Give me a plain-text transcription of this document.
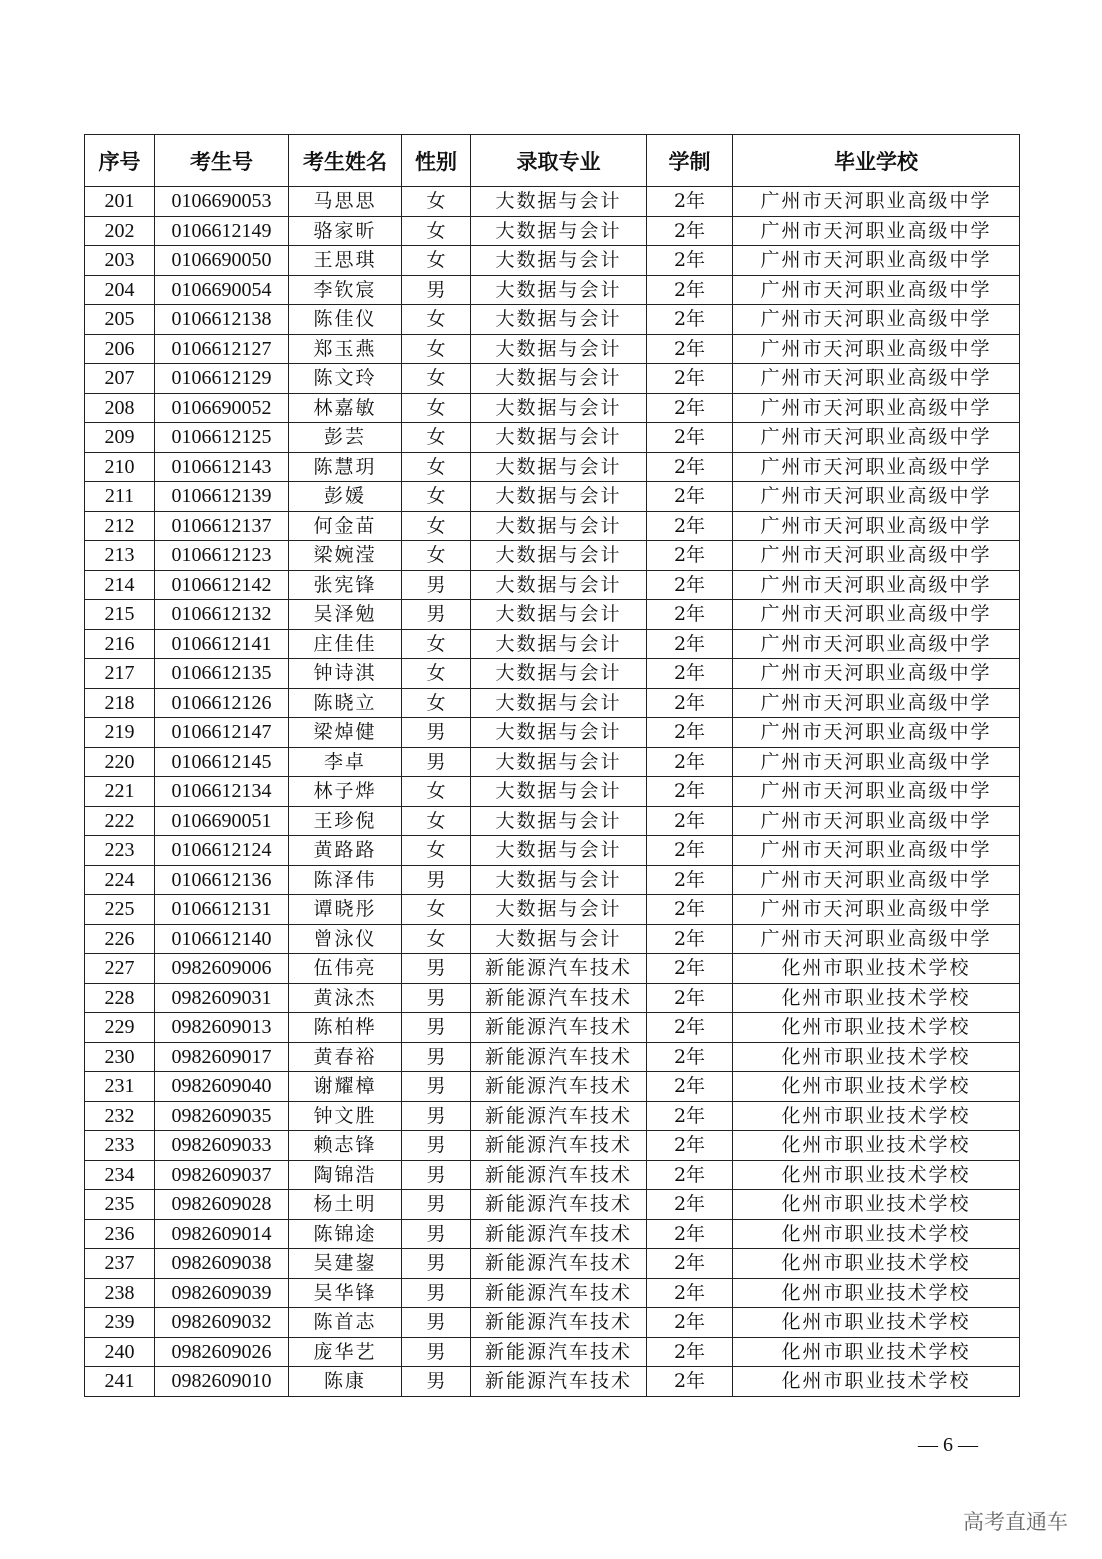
序号	考生号	考生姓名	性别	录取专业	学制	毕业学校
201	0106690053	马思思	女	大数据与会计	2年	广州市天河职业高级中学
202	0106612149	骆家昕	女	大数据与会计	2年	广州市天河职业高级中学
203	0106690050	王思琪	女	大数据与会计	2年	广州市天河职业高级中学
204	0106690054	李钦宸	男	大数据与会计	2年	广州市天河职业高级中学
205	0106612138	陈佳仪	女	大数据与会计	2年	广州市天河职业高级中学
206	0106612127	郑玉燕	女	大数据与会计	2年	广州市天河职业高级中学
207	0106612129	陈文玲	女	大数据与会计	2年	广州市天河职业高级中学
208	0106690052	林嘉敏	女	大数据与会计	2年	广州市天河职业高级中学
209	0106612125	彭芸	女	大数据与会计	2年	广州市天河职业高级中学
210	0106612143	陈慧玥	女	大数据与会计	2年	广州市天河职业高级中学
211	0106612139	彭媛	女	大数据与会计	2年	广州市天河职业高级中学
212	0106612137	何金苗	女	大数据与会计	2年	广州市天河职业高级中学
213	0106612123	梁婉滢	女	大数据与会计	2年	广州市天河职业高级中学
214	0106612142	张宪锋	男	大数据与会计	2年	广州市天河职业高级中学
215	0106612132	吴泽勉	男	大数据与会计	2年	广州市天河职业高级中学
216	0106612141	庄佳佳	女	大数据与会计	2年	广州市天河职业高级中学
217	0106612135	钟诗淇	女	大数据与会计	2年	广州市天河职业高级中学
218	0106612126	陈晓立	女	大数据与会计	2年	广州市天河职业高级中学
219	0106612147	梁焯健	男	大数据与会计	2年	广州市天河职业高级中学
220	0106612145	李卓	男	大数据与会计	2年	广州市天河职业高级中学
221	0106612134	林子烨	女	大数据与会计	2年	广州市天河职业高级中学
222	0106690051	王珍倪	女	大数据与会计	2年	广州市天河职业高级中学
223	0106612124	黄路路	女	大数据与会计	2年	广州市天河职业高级中学
224	0106612136	陈泽伟	男	大数据与会计	2年	广州市天河职业高级中学
225	0106612131	谭晓彤	女	大数据与会计	2年	广州市天河职业高级中学
226	0106612140	曾泳仪	女	大数据与会计	2年	广州市天河职业高级中学
227	0982609006	伍伟亮	男	新能源汽车技术	2年	化州市职业技术学校
228	0982609031	黄泳杰	男	新能源汽车技术	2年	化州市职业技术学校
229	0982609013	陈柏桦	男	新能源汽车技术	2年	化州市职业技术学校
230	0982609017	黄春裕	男	新能源汽车技术	2年	化州市职业技术学校
231	0982609040	谢耀樟	男	新能源汽车技术	2年	化州市职业技术学校
232	0982609035	钟文胜	男	新能源汽车技术	2年	化州市职业技术学校
233	0982609033	赖志锋	男	新能源汽车技术	2年	化州市职业技术学校
234	0982609037	陶锦浩	男	新能源汽车技术	2年	化州市职业技术学校
235	0982609028	杨土明	男	新能源汽车技术	2年	化州市职业技术学校
236	0982609014	陈锦途	男	新能源汽车技术	2年	化州市职业技术学校
237	0982609038	吴建鋆	男	新能源汽车技术	2年	化州市职业技术学校
238	0982609039	吴华锋	男	新能源汽车技术	2年	化州市职业技术学校
239	0982609032	陈首志	男	新能源汽车技术	2年	化州市职业技术学校
240	0982609026	庞华艺	男	新能源汽车技术	2年	化州市职业技术学校
241	0982609010	陈康	男	新能源汽车技术	2年	化州市职业技术学校
— 6 —
高考直通车
